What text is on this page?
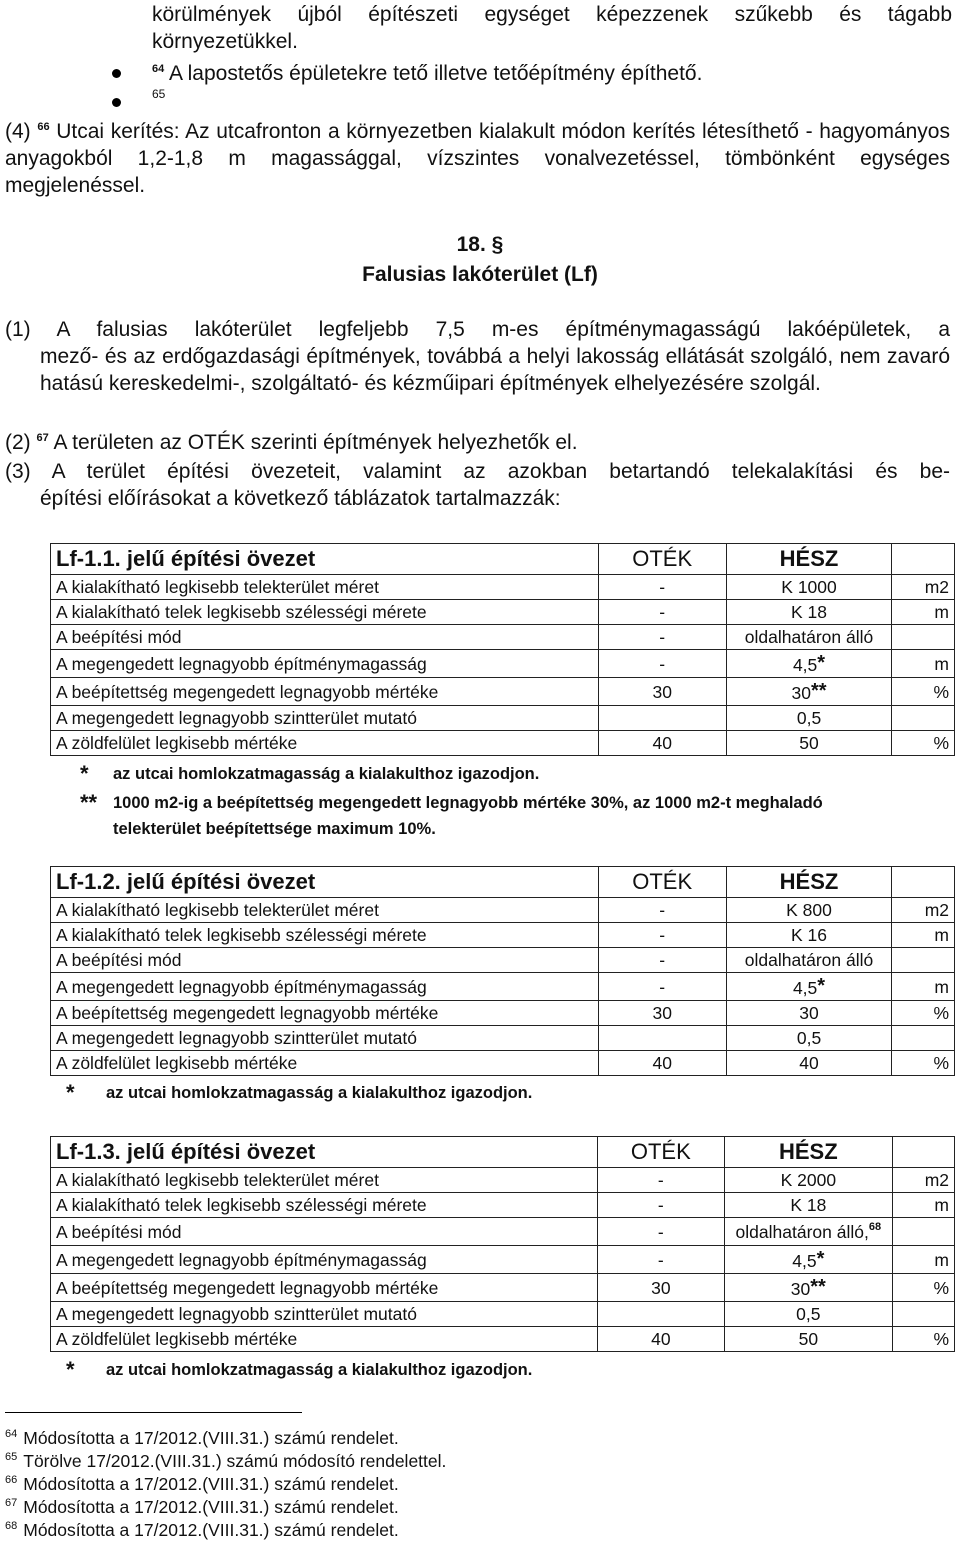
körülmények újból építészeti egységet képezzenek szűkebb és tágabb környezetükkel.
$^{64}$ A lapostetős épületekre tető illetve tetőépítmény építhető.
65
(4) $^{66}$ Utcai kerítés: Az utcafronton a környezetben kialakult módon kerítés létesíthető - hagyományos anyagokból 1,2-1,8 m magassággal, vízszintes vonalvezetéssel, tömbönként egységes megjelenéssel.
18. §
Falusias lakóterület (Lf)
(1) A falusias lakóterület legfeljebb 7,5 m-es építménymagasságú lakóépületek, a
mező- és az erdőgazdasági építmények, továbbá a helyi lakosság ellátását szolgáló, nem zavaró hatású kereskedelmi-, szolgáltató- és kézműipari építmények elhelyezésére szolgál.
(2) $^{67}$ A területen az OTÉK szerinti építmények helyezhetők el.
(3) A terület építési övezeteit, valamint az azokban betartandó telekalakítási és be-
építési előírásokat a következő táblázatok tartalmazzák:
Lf-1.1. jelű építési övezet	OTÉK	HÉSZ	
A kialakítható legkisebb telekterület méret	-	K 1000	m2
A kialakítható telek legkisebb szélességi mérete	-	K 18	m
A beépítési mód	-	oldalhatáron álló	
A megengedett legnagyobb építménymagasság	-	4,5*	m
A beépítettség megengedett legnagyobb mértéke	30	30**	%
A megengedett legnagyobb szintterület mutató		0,5	
A zöldfelület legkisebb mértéke	40	50	%
* az utcai homlokzatmagasság a kialakulthoz igazodjon.
** 1000 m2-ig a beépítettség megengedett legnagyobb mértéke 30%, az 1000 m2-t meghaladó telekterület beépítettsége maximum 10%.
Lf-1.2. jelű építési övezet	OTÉK	HÉSZ	
A kialakítható legkisebb telekterület méret	-	K 800	m2
A kialakítható telek legkisebb szélességi mérete	-	K 16	m
A beépítési mód	-	oldalhatáron álló	
A megengedett legnagyobb építménymagasság	-	4,5*	m
A beépítettség megengedett legnagyobb mértéke	30	30	%
A megengedett legnagyobb szintterület mutató		0,5	
A zöldfelület legkisebb mértéke	40	40	%
* az utcai homlokzatmagasság a kialakulthoz igazodjon.
Lf-1.3. jelű építési övezet	OTÉK	HÉSZ	
A kialakítható legkisebb telekterület méret	-	K 2000	m2
A kialakítható telek legkisebb szélességi mérete	-	K 18	m
A beépítési mód	-	oldalhatáron álló,$^{68}$	
A megengedett legnagyobb építménymagasság	-	4,5*	m
A beépítettség megengedett legnagyobb mértéke	30	30**	%
A megengedett legnagyobb szintterület mutató		0,5	
A zöldfelület legkisebb mértéke	40	50	%
* az utcai homlokzatmagasság a kialakulthoz igazodjon.
$^{64}$ Módosította a 17/2012.(VIII.31.) számú rendelet.
$^{65}$ Törölve 17/2012.(VIII.31.) számú módosító rendelettel.
$^{66}$ Módosította a 17/2012.(VIII.31.) számú rendelet.
$^{67}$ Módosította a 17/2012.(VIII.31.) számú rendelet.
$^{68}$ Módosította a 17/2012.(VIII.31.) számú rendelet.
